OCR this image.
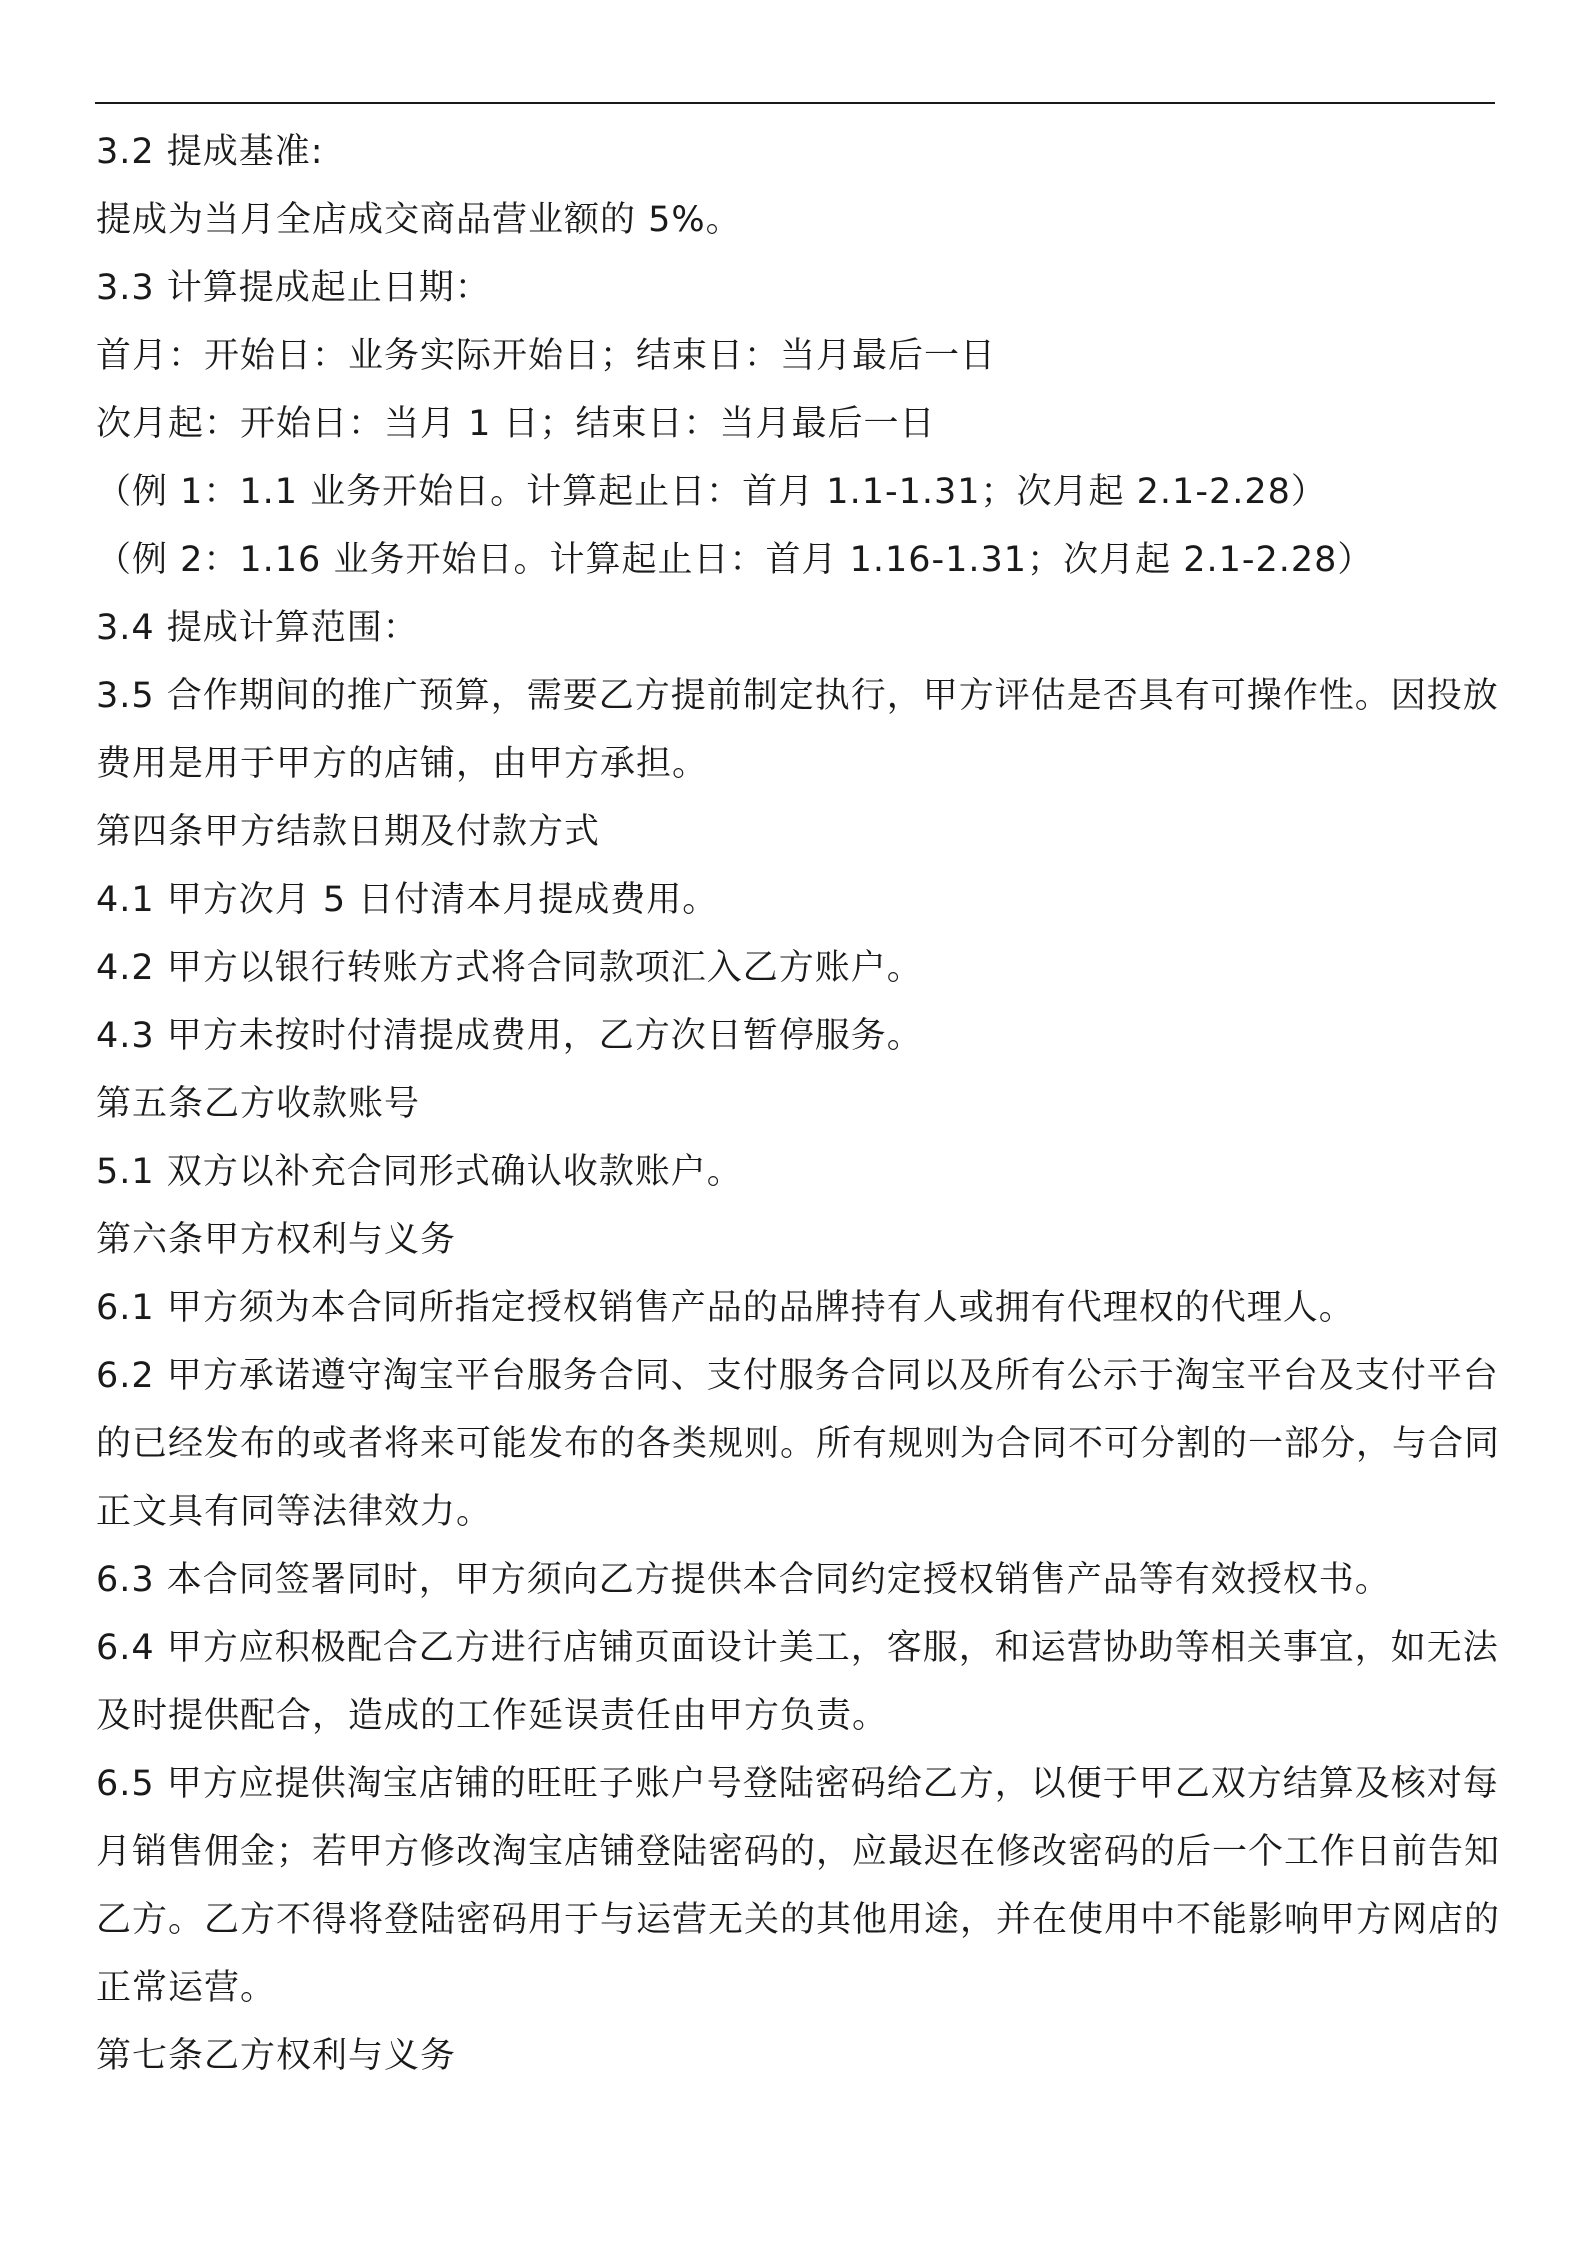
3.2 提成基准:

提成为当月全店成交商品营业额的 5%。

3.3 计算提成起止日期：

首月：开始日：业务实际开始日；结束日：当月最后一日

次月起：开始日：当月 1 日；结束日：当月最后一日

（例 1：1.1 业务开始日。计算起止日：首月 1.1-1.31；次月起 2.1-2.28）

（例 2：1.16 业务开始日。计算起止日：首月 1.16-1.31；次月起 2.1-2.28）

3.4 提成计算范围：

3.5 合作期间的推广预算，需要乙方提前制定执行，甲方评估是否具有可操作性。因投放费用是用于甲方的店铺，由甲方承担。

第四条甲方结款日期及付款方式

4.1 甲方次月 5 日付清本月提成费用。

4.2 甲方以银行转账方式将合同款项汇入乙方账户。

4.3 甲方未按时付清提成费用，乙方次日暂停服务。

第五条乙方收款账号

5.1 双方以补充合同形式确认收款账户。

第六条甲方权利与义务

6.1 甲方须为本合同所指定授权销售产品的品牌持有人或拥有代理权的代理人。

6.2 甲方承诺遵守淘宝平台服务合同、支付服务合同以及所有公示于淘宝平台及支付平台的已经发布的或者将来可能发布的各类规则。所有规则为合同不可分割的一部分，与合同正文具有同等法律效力。

6.3 本合同签署同时，甲方须向乙方提供本合同约定授权销售产品等有效授权书。

6.4 甲方应积极配合乙方进行店铺页面设计美工，客服，和运营协助等相关事宜，如无法及时提供配合，造成的工作延误责任由甲方负责。

6.5 甲方应提供淘宝店铺的旺旺子账户号登陆密码给乙方，以便于甲乙双方结算及核对每月销售佣金；若甲方修改淘宝店铺登陆密码的，应最迟在修改密码的后一个工作日前告知乙方。乙方不得将登陆密码用于与运营无关的其他用途，并在使用中不能影响甲方网店的正常运营。

第七条乙方权利与义务
